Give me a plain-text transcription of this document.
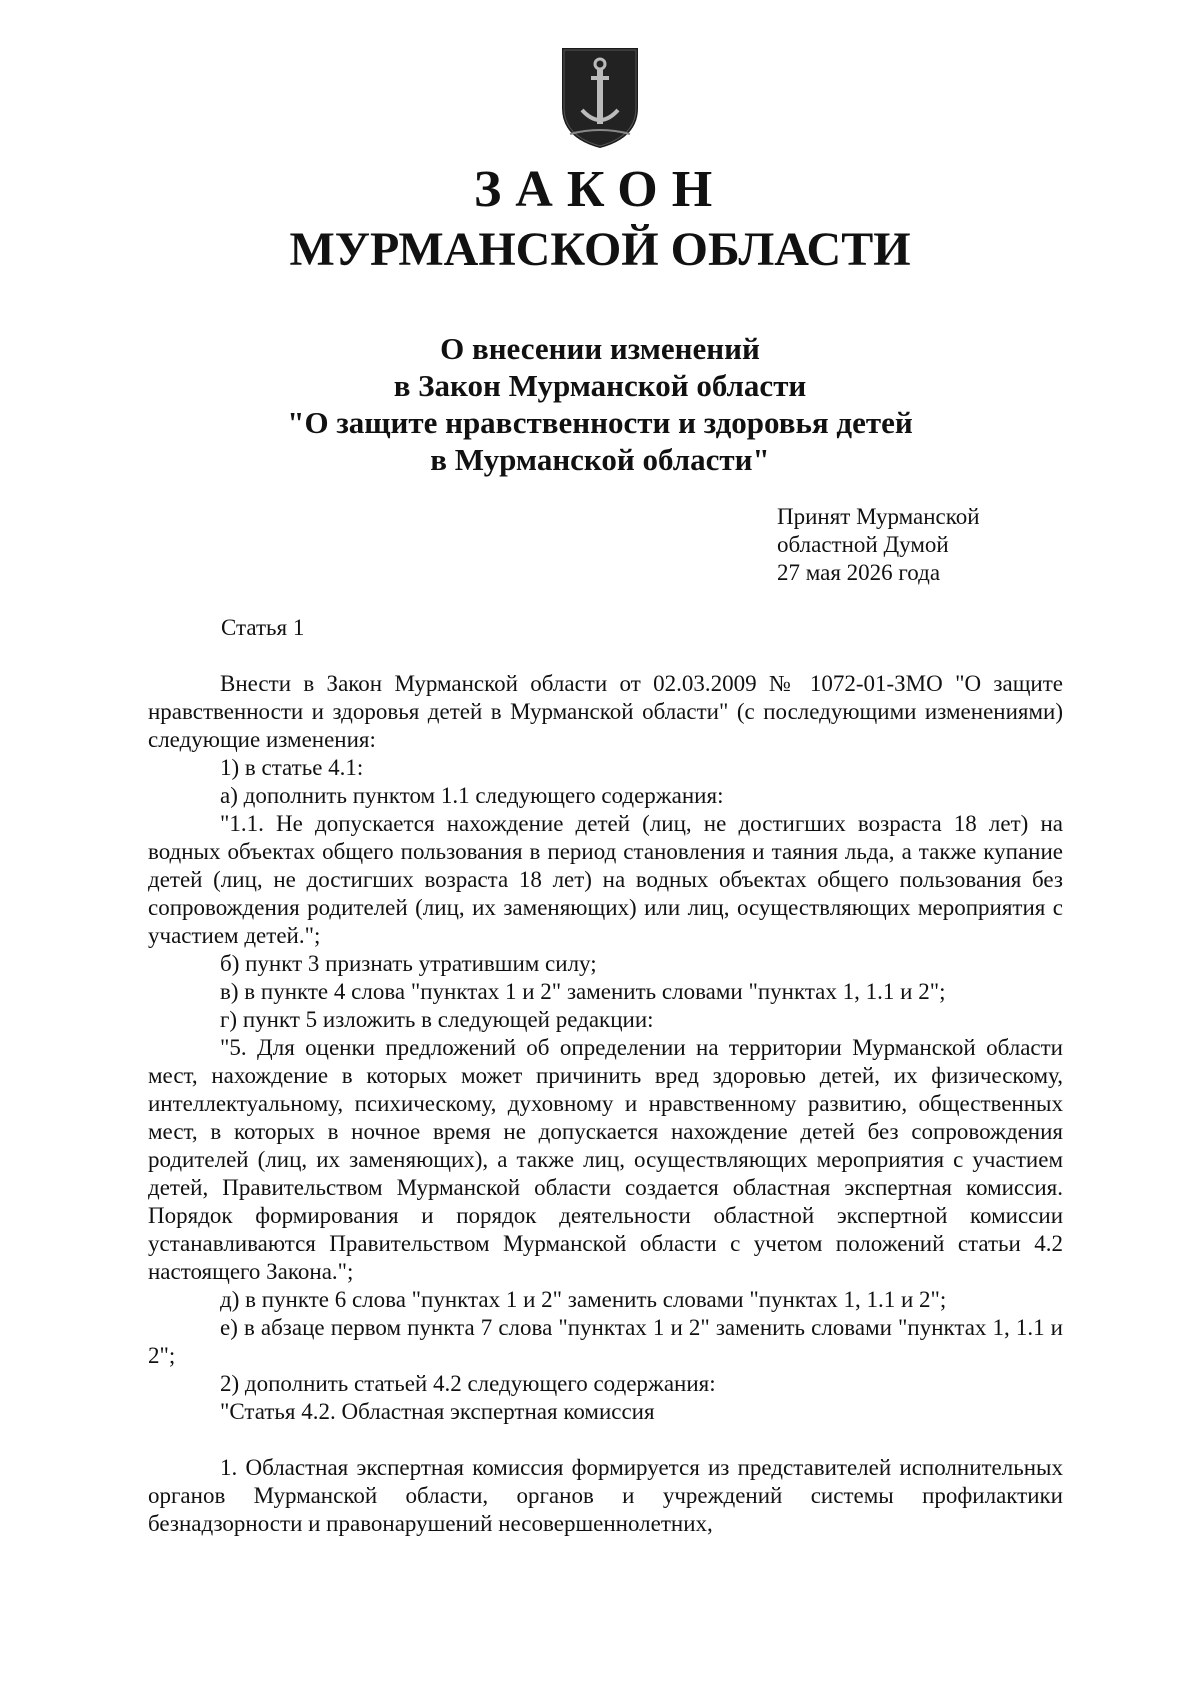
ЗАКОН
МУРМАНСКОЙ ОБЛАСТИ
О внесении изменений
в Закон Мурманской области
"О защите нравственности и здоровья детей
в Мурманской области"
Принят Мурманской
областной Думой
27 мая 2026 года
Статья 1

Внести в Закон Мурманской области от 02.03.2009 № 1072-01-ЗМО "О защите нравственности и здоровья детей в Мурманской области" (с последующими изменениями) следующие изменения:

1) в статье 4.1:

а) дополнить пунктом 1.1 следующего содержания:

"1.1. Не допускается нахождение детей (лиц, не достигших возраста 18 лет) на водных объектах общего пользования в период становления и таяния льда, а также купание детей (лиц, не достигших возраста 18 лет) на водных объектах общего пользования без сопровождения родителей (лиц, их заменяющих) или лиц, осуществляющих мероприятия с участием детей.";

б) пункт 3 признать утратившим силу;

в) в пункте 4 слова "пунктах 1 и 2" заменить словами "пунктах 1, 1.1 и 2";

г) пункт 5 изложить в следующей редакции:

"5. Для оценки предложений об определении на территории Мурманской области мест, нахождение в которых может причинить вред здоровью детей, их физическому, интеллектуальному, психическому, духовному и нравственному развитию, общественных мест, в которых в ночное время не допускается нахождение детей без сопровождения родителей (лиц, их заменяющих), а также лиц, осуществляющих мероприятия с участием детей, Правительством Мурманской области создается областная экспертная комиссия. Порядок формирования и порядок деятельности областной экспертной комиссии устанавливаются Правительством Мурманской области с учетом положений статьи 4.2 настоящего Закона.";

д) в пункте 6 слова "пунктах 1 и 2" заменить словами "пунктах 1, 1.1 и 2";

е) в абзаце первом пункта 7 слова "пунктах 1 и 2" заменить словами "пунктах 1, 1.1 и 2";

2) дополнить статьей 4.2 следующего содержания:

"Статья 4.2. Областная экспертная комиссия

1. Областная экспертная комиссия формируется из представителей исполнительных органов Мурманской области, органов и учреждений системы профилактики безнадзорности и правонарушений несовершеннолетних,
